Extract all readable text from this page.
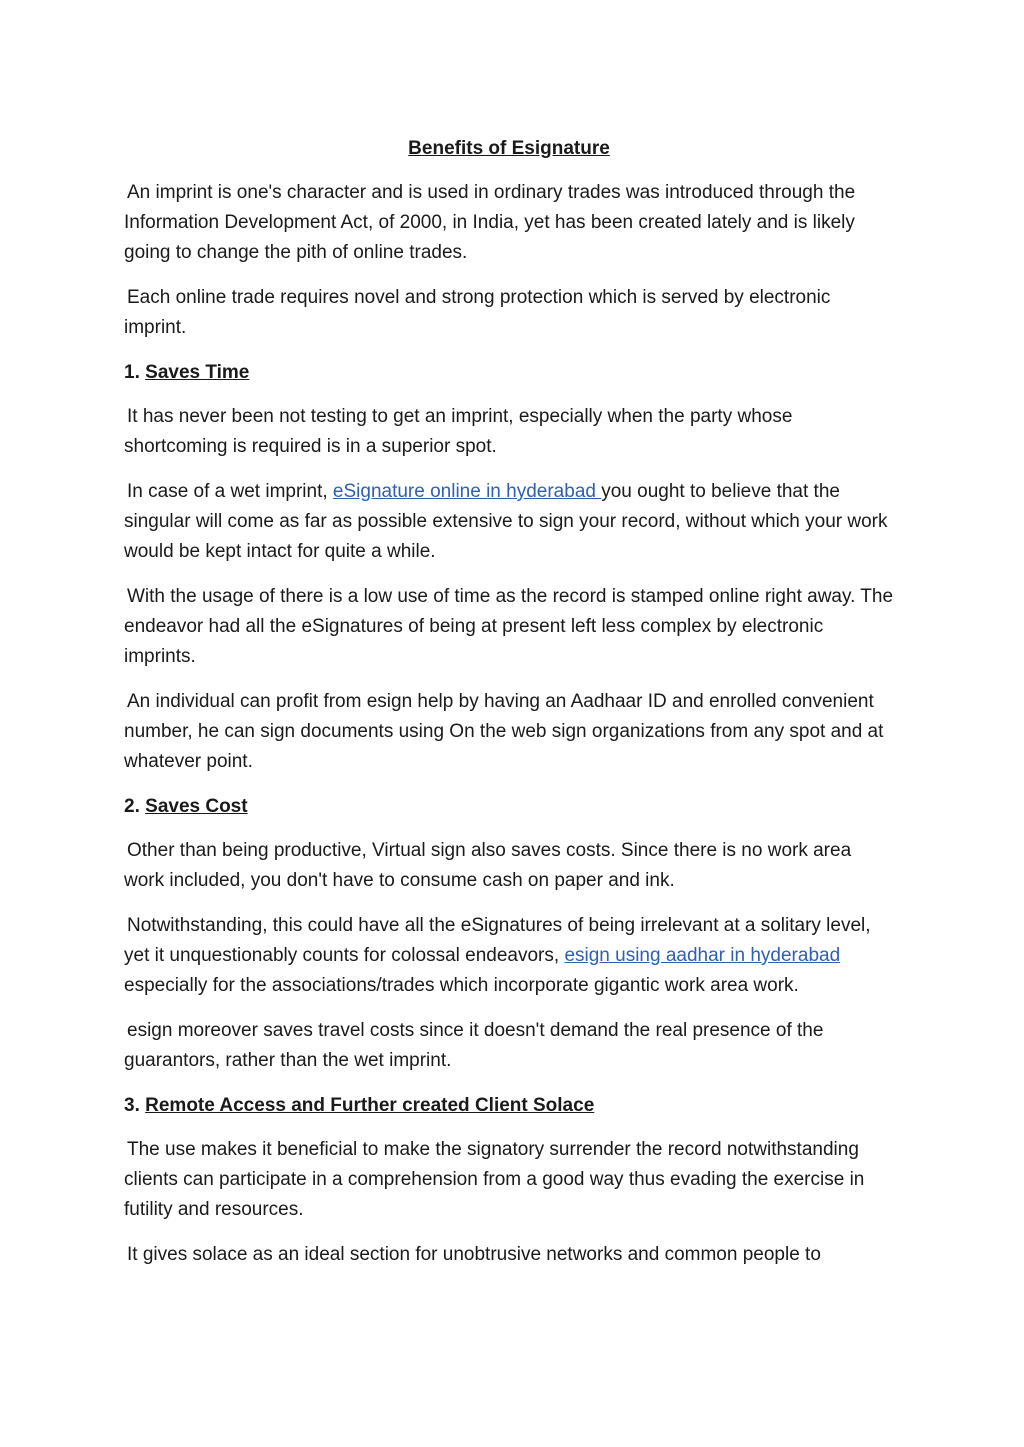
Benefits of Esignature

An imprint is one's character and is used in ordinary trades was introduced through the Information Development Act, of 2000, in India, yet has been created lately and is likely going to change the pith of online trades.

Each online trade requires novel and strong protection which is served by electronic imprint.

1. Saves Time

It has never been not testing to get an imprint, especially when the party whose shortcoming is required is in a superior spot.

In case of a wet imprint, eSignature online in hyderabad you ought to believe that the singular will come as far as possible extensive to sign your record, without which your work would be kept intact for quite a while.

With the usage of there is a low use of time as the record is stamped online right away. The endeavor had all the eSignatures of being at present left less complex by electronic imprints.

An individual can profit from esign help by having an Aadhaar ID and enrolled convenient number, he can sign documents using On the web sign organizations from any spot and at whatever point.

2. Saves Cost

Other than being productive, Virtual sign also saves costs. Since there is no work area work included, you don't have to consume cash on paper and ink.

Notwithstanding, this could have all the eSignatures of being irrelevant at a solitary level, yet it unquestionably counts for colossal endeavors, esign using aadhar in hyderabad especially for the associations/trades which incorporate gigantic work area work.

esign moreover saves travel costs since it doesn't demand the real presence of the guarantors, rather than the wet imprint.

3. Remote Access and Further created Client Solace

The use makes it beneficial to make the signatory surrender the record notwithstanding clients can participate in a comprehension from a good way thus evading the exercise in futility and resources.

It gives solace as an ideal section for unobtrusive networks and common people to
